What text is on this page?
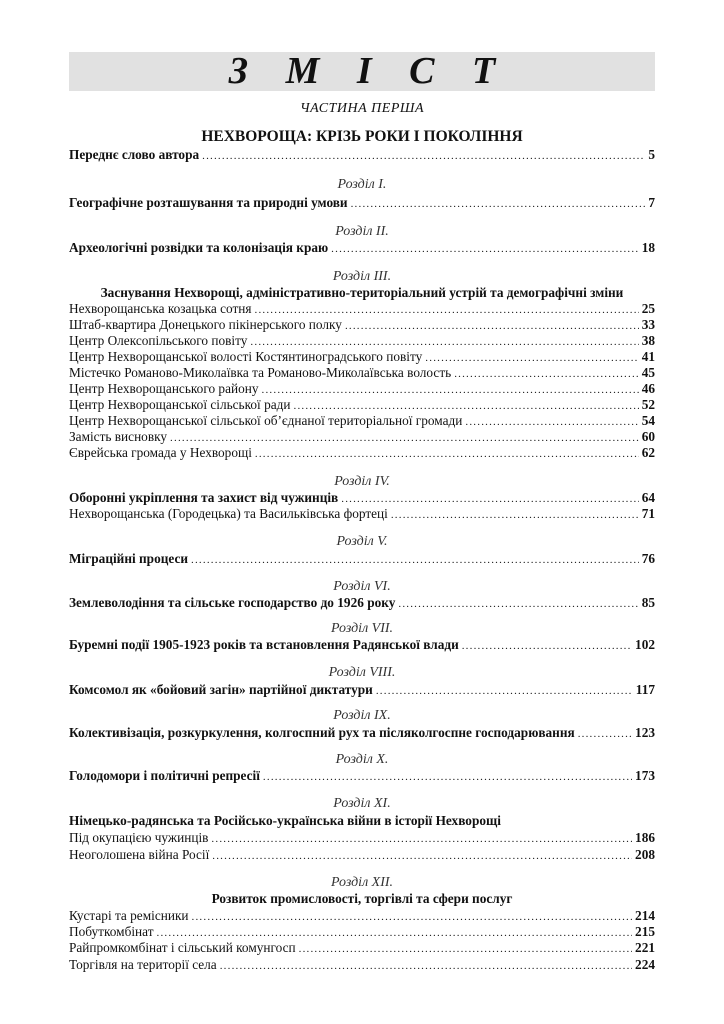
З М І С Т
ЧАСТИНА ПЕРША
НЕХВОРОЩА: КРІЗЬ РОКИ І ПОКОЛІННЯ
Переднє слово автора .....	5
Розділ I.
Географічне розташування та природні умови .....	7
Розділ II.
Археологічні розвідки та колонізація краю .....	18
Розділ III.
Заснування Нехворощі, адміністративно-територіальний устрій та демографічні зміни
Нехворощанська козацька сотня .....	25
Штаб-квартира Донецького пікінерського полку .....	33
Центр Олексопільського повіту .....	38
Центр Нехворощанської волості Костянтиноградського повіту .....	41
Містечко Романово-Миколаївка та Романово-Миколаївська волость .....	45
Центр Нехворощанського району .....	46
Центр Нехворощанської сільської ради .....	52
Центр Нехворощанської сільської об’єднаної територіальної громади .....	54
Замість висновку .....	60
Єврейська громада у Нехворощі .....	62
Розділ IV.
Оборонні укріплення та захист від чужинців .....	64
Нехворощанська (Городецька) та Васильківська фортеці .....	71
Розділ V.
Міграційні процеси .....	76
Розділ VI.
Землеволодіння та сільське господарство до 1926 року .....	85
Розділ VII.
Буремні події 1905-1923 років та встановлення Радянської влади .....	102
Розділ VIII.
Комсомол як «бойовий загін» партійної диктатури .....	117
Розділ IX.
Колективізація, розкуркулення, колгоспний рух та післяколгоспне господарювання .....	123
Розділ X.
Голодомори і політичні репресії .....	173
Розділ XI.
Німецько-радянська та Російсько-українська війни в історії Нехворощі
Під окупацією чужинців .....	186
Неоголошена війна Росії .....	208
Розділ XII.
Розвиток промисловості, торгівлі та сфери послуг
Кустарі та ремісники .....	214
Побуткомбінат .....	215
Райпромкомбінат і сільський комунгосп .....	221
Торгівля на території села .....	224
